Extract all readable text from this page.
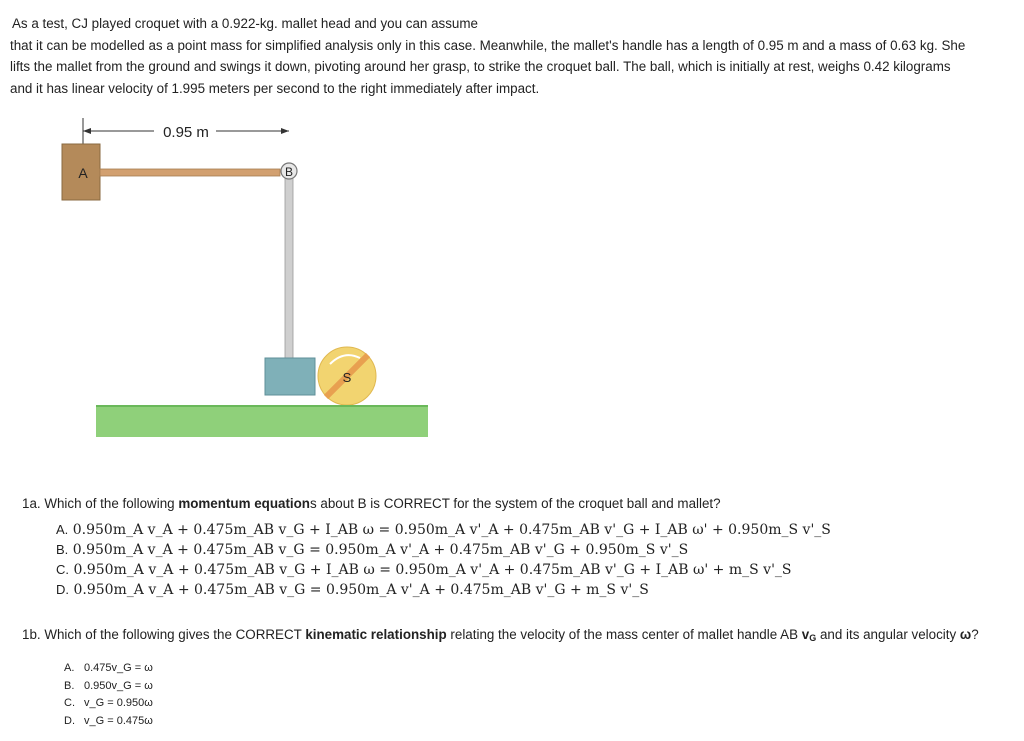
As a test, CJ played croquet with a 0.922-kg. mallet head and you can assume
that it can be modelled as a point mass for simplified analysis only in this case. Meanwhile, the mallet's handle has a length of 0.95 m and a mass of 0.63 kg. She
lifts the mallet from the ground and swings it down, pivoting around her grasp, to strike the croquet ball. The ball, which is initially at rest, weighs 0.42 kilograms
and it has linear velocity of 1.995 meters per second to the right immediately after impact.
0.95 m
A	B
S
1a. Which of the following momentum equations about B is CORRECT for the system of the croquet ball and mallet?
A. 0.950m_A v_A + 0.475m_AB v_G + I_AB ω = 0.950m_A v'_A + 0.475m_AB v'_G + I_AB ω' + 0.950m_S v'_S
B. 0.950m_A v_A + 0.475m_AB v_G = 0.950m_A v'_A + 0.475m_AB v'_G + 0.950m_S v'_S
C. 0.950m_A v_A + 0.475m_AB v_G + I_AB ω = 0.950m_A v'_A + 0.475m_AB v'_G + I_AB ω' + m_S v'_S
D. 0.950m_A v_A + 0.475m_AB v_G = 0.950m_A v'_A + 0.475m_AB v'_G + m_S v'_S
1b. Which of the following gives the CORRECT kinematic relationship relating the velocity of the mass center of mallet handle AB vG and its angular velocity ω?
A. 0.475v_G = ω
B. 0.950v_G = ω
C. v_G = 0.950ω
D. v_G = 0.475ω
